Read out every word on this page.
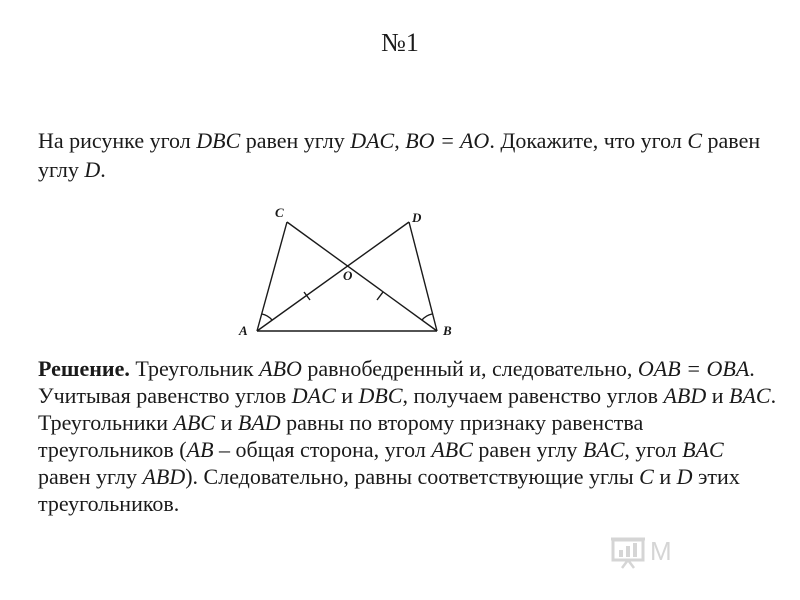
№1
На рисунке угол DBC равен углу DAC, BO = AO. Докажите, что угол C равен углу D.
A	B
C	D
O
Решение. Треугольник ABO равнобедренный и, следовательно, OAB = OBA. Учитывая равенство углов DAC и DBC, получаем равенство углов ABD и BAC. Треугольники ABC и BAD равны по второму признаку равенства треугольников (AB – общая сторона, угол ABC равен углу BAC, угол BAC равен углу ABD). Следовательно, равны соответствующие углы C и D этих треугольников.
M
